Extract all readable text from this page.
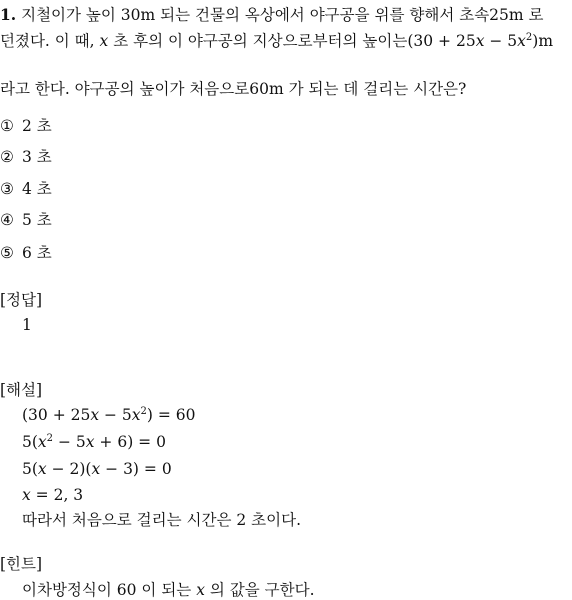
1. 지철이가 높이 30m 되는 건물의 옥상에서 야구공을 위를 향해서 초속25m 로
던졌다. 이 때, x 초 후의 이 야구공의 지상으로부터의 높이는$(30 + 25x - 5x^2)m$
라고 한다. 야구공의 높이가 처음으로60m 가 되는 데 걸리는 시간은?
① 2 초
② 3 초
③ 4 초
④ 5 초
⑤ 6 초
[정답]
1
[해설]
$(30 + 25x - 5x^2) = 60$
$5(x^2 - 5x + 6) = 0$
5(x − 2)(x − 3) = 0
x = 2, 3
따라서 처음으로 걸리는 시간은 2 초이다.
[힌트]
이차방정식이 60 이 되는 x 의 값을 구한다.
